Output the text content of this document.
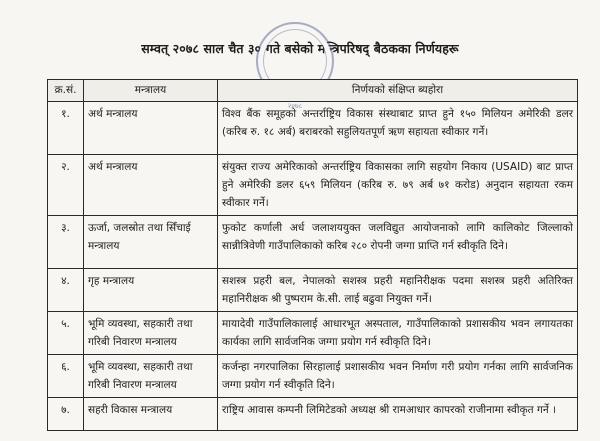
सम्वत् २०७८ साल चैत ३० गते बसेको मन्त्रिपरिषद् बैठकका निर्णयहरू
२०७८
क्र.सं.	मन्त्रालय	निर्णयको संक्षिप्त ब्यहोरा
१.	अर्थ मन्त्रालय	विश्व बैंक समूहको अन्तर्राष्ट्रिय विकास संस्थाबाट प्राप्त हुने १५० मिलियन अमेरिकी डलर (करिब रु. १८ अर्ब) बराबरको सहुलियतपूर्ण ऋण सहायता स्वीकार गर्ने।
२.	अर्थ मन्त्रालय	संयुक्त राज्य अमेरिकाको अन्तर्राष्ट्रिय विकासका लागि सहयोग निकाय (USAID) बाट प्राप्त हुने अमेरिकी डलर ६५९ मिलियन (करिब रु. ७९ अर्ब ७१ करोड) अनुदान सहायता रकम स्वीकार गर्ने।
३.	ऊर्जा, जलस्रोत तथा सिँचाई मन्त्रालय	फुकोट कर्णाली अर्ध जलाशययुक्त जलविद्युत आयोजनाको लागि कालिकोट जिल्लाको सान्नीत्रिवेणी गाउँपालिकाको करिब २८० रोपनी जग्गा प्राप्ति गर्न स्वीकृति दिने।
४.	गृह मन्त्रालय	सशस्त्र प्रहरी बल, नेपालको सशस्त्र प्रहरी महानिरीक्षक पदमा सशस्त्र प्रहरी अतिरिक्त महानिरीक्षक श्री पुष्पराम के.सी. लाई बढुवा नियुक्त गर्ने।
५.	भूमि व्यवस्था, सहकारी तथा गरिबी निवारण मन्त्रालय	मायादेवी गाउँपालिकालाई आधारभूत अस्पताल, गाउँपालिकाको प्रशासकीय भवन लगायतका कार्यका लागि सार्वजनिक जग्गा प्रयोग गर्न स्वीकृति दिने।
६.	भूमि व्यवस्था, सहकारी तथा गरिबी निवारण मन्त्रालय	कर्जन्हा नगरपालिका सिरहालाई प्रशासकीय भवन निर्माण गरी प्रयोग गर्नका लागि सार्वजनिक जग्गा प्रयोग गर्न स्वीकृति दिने।
७.	सहरी विकास मन्त्रालय	राष्ट्रिय आवास कम्पनी लिमिटेडको अध्यक्ष श्री रामआधार कापरको राजीनामा स्वीकृत गर्ने ।
